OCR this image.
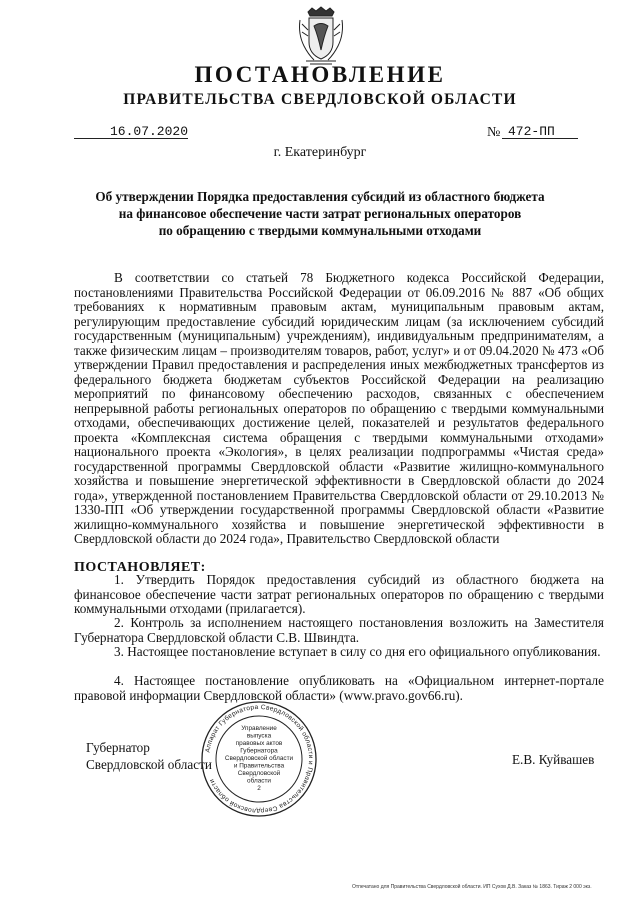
ПОСТАНОВЛЕНИЕ
ПРАВИТЕЛЬСТВА СВЕРДЛОВСКОЙ ОБЛАСТИ
16.07.2020	№ 472-ПП
г. Екатеринбург
Об утверждении Порядка предоставления субсидий из областного бюджета
на финансовое обеспечение части затрат региональных операторов
по обращению с твердыми коммунальными отходами
В соответствии со статьей 78 Бюджетного кодекса Российской Федерации, постановлениями Правительства Российской Федерации от 06.09.2016 № 887 «Об общих требованиях к нормативным правовым актам, муниципальным правовым актам, регулирующим предоставление субсидий юридическим лицам (за исключением субсидий государственным (муниципальным) учреждениям), индивидуальным предпринимателям, а также физическим лицам – производителям товаров, работ, услуг» и от 09.04.2020 № 473 «Об утверждении Правил предоставления и распределения иных межбюджетных трансфертов из федерального бюджета бюджетам субъектов Российской Федерации на реализацию мероприятий по финансовому обеспечению расходов, связанных с обеспечением непрерывной работы региональных операторов по обращению с твердыми коммунальными отходами, обеспечивающих достижение целей, показателей и результатов федерального проекта «Комплексная система обращения с твердыми коммунальными отходами» национального проекта «Экология», в целях реализации подпрограммы «Чистая среда» государственной программы Свердловской области «Развитие жилищно-коммунального хозяйства и повышение энергетической эффективности в Свердловской области до 2024 года», утвержденной постановлением Правительства Свердловской области от 29.10.2013 № 1330-ПП «Об утверждении государственной программы Свердловской области «Развитие жилищно-коммунального хозяйства и повышение энергетической эффективности в Свердловской области до 2024 года», Правительство Свердловской области
ПОСТАНОВЛЯЕТ:
1. Утвердить Порядок предоставления субсидий из областного бюджета на финансовое обеспечение части затрат региональных операторов по обращению с твердыми коммунальными отходами (прилагается).
2. Контроль за исполнением настоящего постановления возложить на Заместителя Губернатора Свердловской области С.В. Швиндта.
3. Настоящее постановление вступает в силу со дня его официального опубликования.
4. Настоящее постановление опубликовать на «Официальном интернет-портале правовой информации Свердловской области» (www.pravo.gov66.ru).
Губернатор Свердловской области	Е.В. Куйвашев
Аппарат Губернатора Свердловской области и Правительства Свердловской области
Управление
выпуска
правовых актов
Губернатора
Свердловской области
и Правительства
Свердловской
области
2
Отпечатано для Правительства Свердловской области. ИП Сухов Д.В. Заказ № 1863. Тираж 2 000 экз.
